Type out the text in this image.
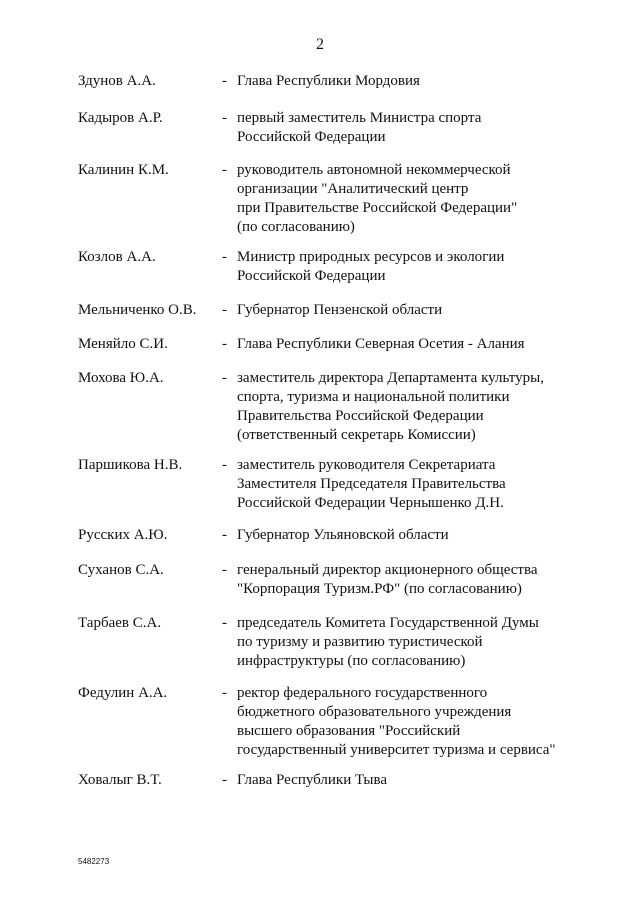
2
Здунов А.А.	- Глава Республики Мордовия
Кадыров А.Р.	- первый заместитель Министра спорта
Российской Федерации
Калинин К.М.	- руководитель автономной некоммерческой
организации "Аналитический центр
при Правительстве Российской Федерации"
(по согласованию)
Козлов А.А.	- Министр природных ресурсов и экологии
Российской Федерации
Мельниченко О.В. - Губернатор Пензенской области
Меняйло С.И.	- Глава Республики Северная Осетия - Алания
Мохова Ю.А.	- заместитель директора Департамента культуры,
спорта, туризма и национальной политики
Правительства Российской Федерации
(ответственный секретарь Комиссии)
Паршикова Н.В.	- заместитель руководителя Секретариата
Заместителя Председателя Правительства
Российской Федерации Чернышенко Д.Н.
Русских А.Ю.	- Губернатор Ульяновской области
Суханов С.А.	- генеральный директор акционерного общества
"Корпорация Туризм.РФ" (по согласованию)
Тарбаев С.А.	- председатель Комитета Государственной Думы
по туризму и развитию туристической
инфраструктуры (по согласованию)
Федулин А.А.	- ректор федерального государственного
бюджетного образовательного учреждения
высшего образования "Российский
государственный университет туризма и сервиса"
Ховалыг В.Т.	- Глава Республики Тыва
5482273
